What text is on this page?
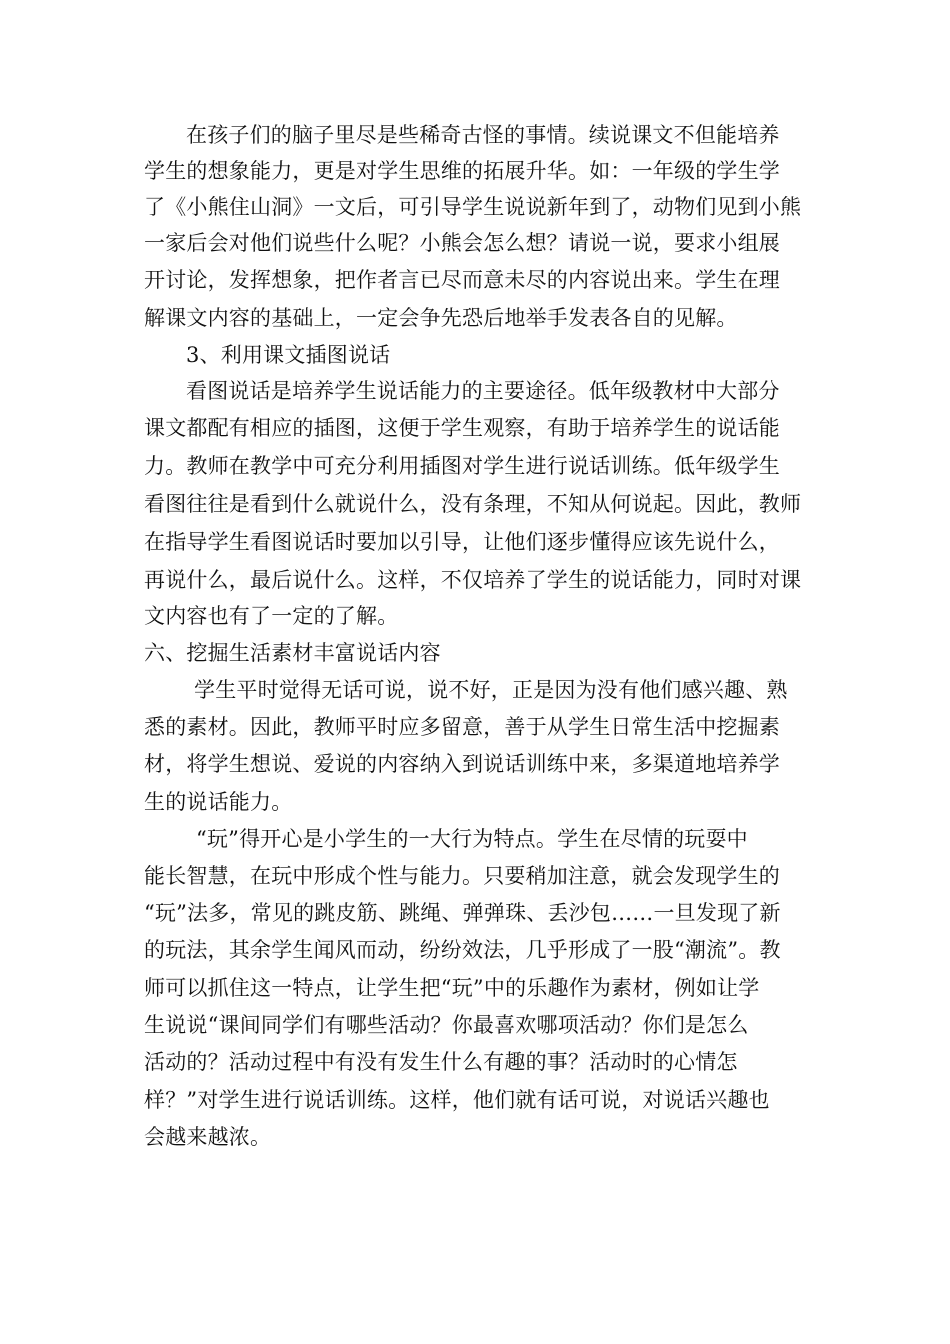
在孩子们的脑子里尽是些稀奇古怪的事情。续说课文不但能培养
学生的想象能力，更是对学生思维的拓展升华。如：一年级的学生学
了《小熊住山洞》一文后，可引导学生说说新年到了，动物们见到小熊
一家后会对他们说些什么呢？小熊会怎么想？请说一说，要求小组展
开讨论，发挥想象，把作者言已尽而意未尽的内容说出来。学生在理
解课文内容的基础上，一定会争先恐后地举手发表各自的见解。
3、利用课文插图说话
看图说话是培养学生说话能力的主要途径。低年级教材中大部分
课文都配有相应的插图，这便于学生观察，有助于培养学生的说话能
力。教师在教学中可充分利用插图对学生进行说话训练。低年级学生
看图往往是看到什么就说什么，没有条理，不知从何说起。因此，教师
在指导学生看图说话时要加以引导，让他们逐步懂得应该先说什么，
再说什么，最后说什么。这样，不仅培养了学生的说话能力，同时对课
文内容也有了一定的了解。
六、挖掘生活素材丰富说话内容
学生平时觉得无话可说，说不好，正是因为没有他们感兴趣、熟
悉的素材。因此，教师平时应多留意，善于从学生日常生活中挖掘素
材，将学生想说、爱说的内容纳入到说话训练中来，多渠道地培养学
生的说话能力。
“玩”得开心是小学生的一大行为特点。学生在尽情的玩耍中
能长智慧，在玩中形成个性与能力。只要稍加注意，就会发现学生的
“玩”法多，常见的跳皮筋、跳绳、弹弹珠、丢沙包……一旦发现了新
的玩法，其余学生闻风而动，纷纷效法，几乎形成了一股“潮流”。教
师可以抓住这一特点，让学生把“玩”中的乐趣作为素材，例如让学
生说说“课间同学们有哪些活动？你最喜欢哪项活动？你们是怎么
活动的？活动过程中有没有发生什么有趣的事？活动时的心情怎
样？”对学生进行说话训练。这样，他们就有话可说，对说话兴趣也
会越来越浓。
